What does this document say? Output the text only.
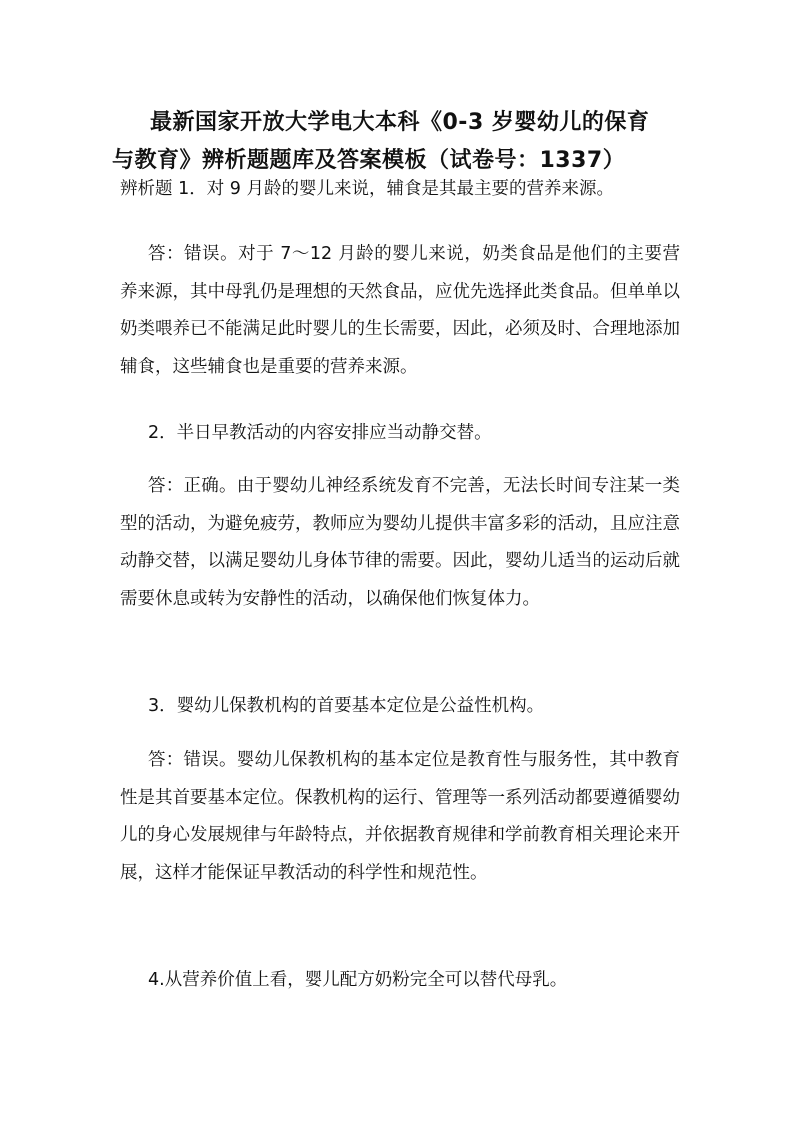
最新国家开放大学电大本科《0-3 岁婴幼儿的保育
与教育》辨析题题库及答案模板（试卷号：1337）

辨析题 1．对 9 月龄的婴儿来说，辅食是其最主要的营养来源。

答：错误。对于 7～12 月龄的婴儿来说，奶类食品是他们的主要营养来源，其中母乳仍是理想的天然食品，应优先选择此类食品。但单单以奶类喂养已不能满足此时婴儿的生长需要，因此，必须及时、合理地添加辅食，这些辅食也是重要的营养来源。

2．半日早教活动的内容安排应当动静交替。

答：正确。由于婴幼儿神经系统发育不完善，无法长时间专注某一类型的活动，为避免疲劳，教师应为婴幼儿提供丰富多彩的活动，且应注意动静交替，以满足婴幼儿身体节律的需要。因此，婴幼儿适当的运动后就需要休息或转为安静性的活动，以确保他们恢复体力。

3．婴幼儿保教机构的首要基本定位是公益性机构。

答：错误。婴幼儿保教机构的基本定位是教育性与服务性，其中教育性是其首要基本定位。保教机构的运行、管理等一系列活动都要遵循婴幼儿的身心发展规律与年龄特点，并依据教育规律和学前教育相关理论来开展，这样才能保证早教活动的科学性和规范性。

4.从营养价值上看，婴儿配方奶粉完全可以替代母乳。
